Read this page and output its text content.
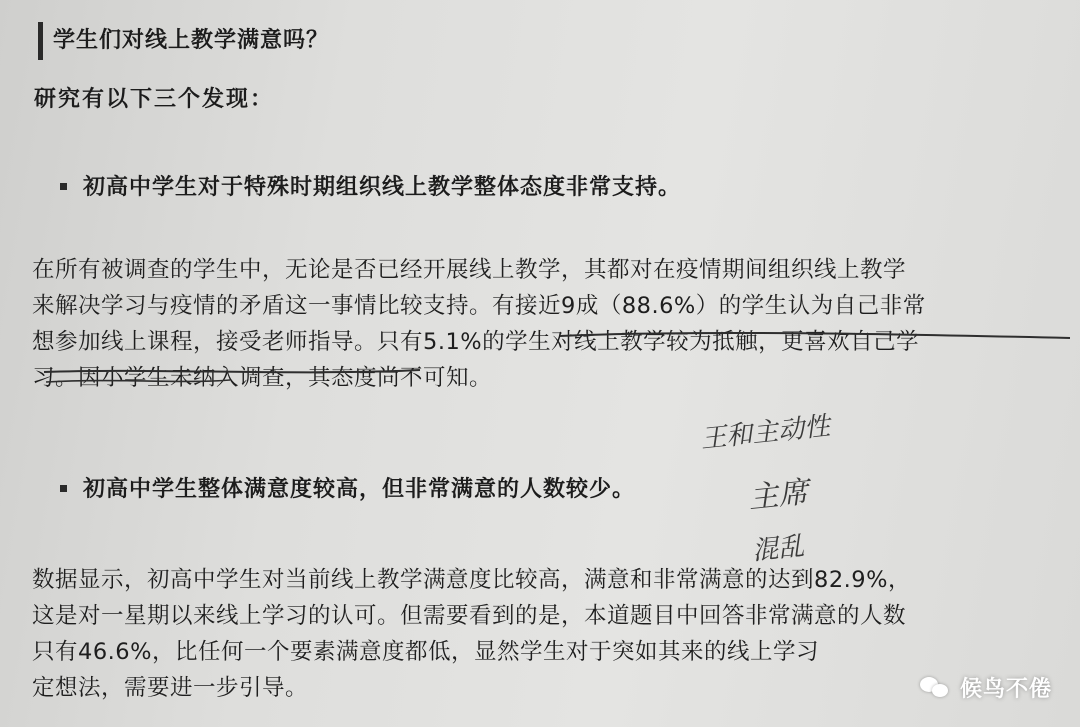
学生们对线上教学满意吗？
研究有以下三个发现：
初高中学生对于特殊时期组织线上教学整体态度非常支持。
在所有被调查的学生中，无论是否已经开展线上教学，其都对在疫情期间组织线上教学
来解决学习与疫情的矛盾这一事情比较支持。有接近9成（88.6%）的学生认为自己非常
想参加线上课程，接受老师指导。只有5.1%的学生对线上教学较为抵触，更喜欢自己学
习。因小学生未纳入调查，其态度尚不可知。
王和主动性
主席
混乱
初高中学生整体满意度较高，但非常满意的人数较少。
数据显示，初高中学生对当前线上教学满意度比较高，满意和非常满意的达到82.9%，
这是对一星期以来线上学习的认可。但需要看到的是，本道题目中回答非常满意的人数
只有46.6%，比任何一个要素满意度都低，显然学生对于突如其来的线上学习
定想法，需要进一步引导。	候鸟不倦
